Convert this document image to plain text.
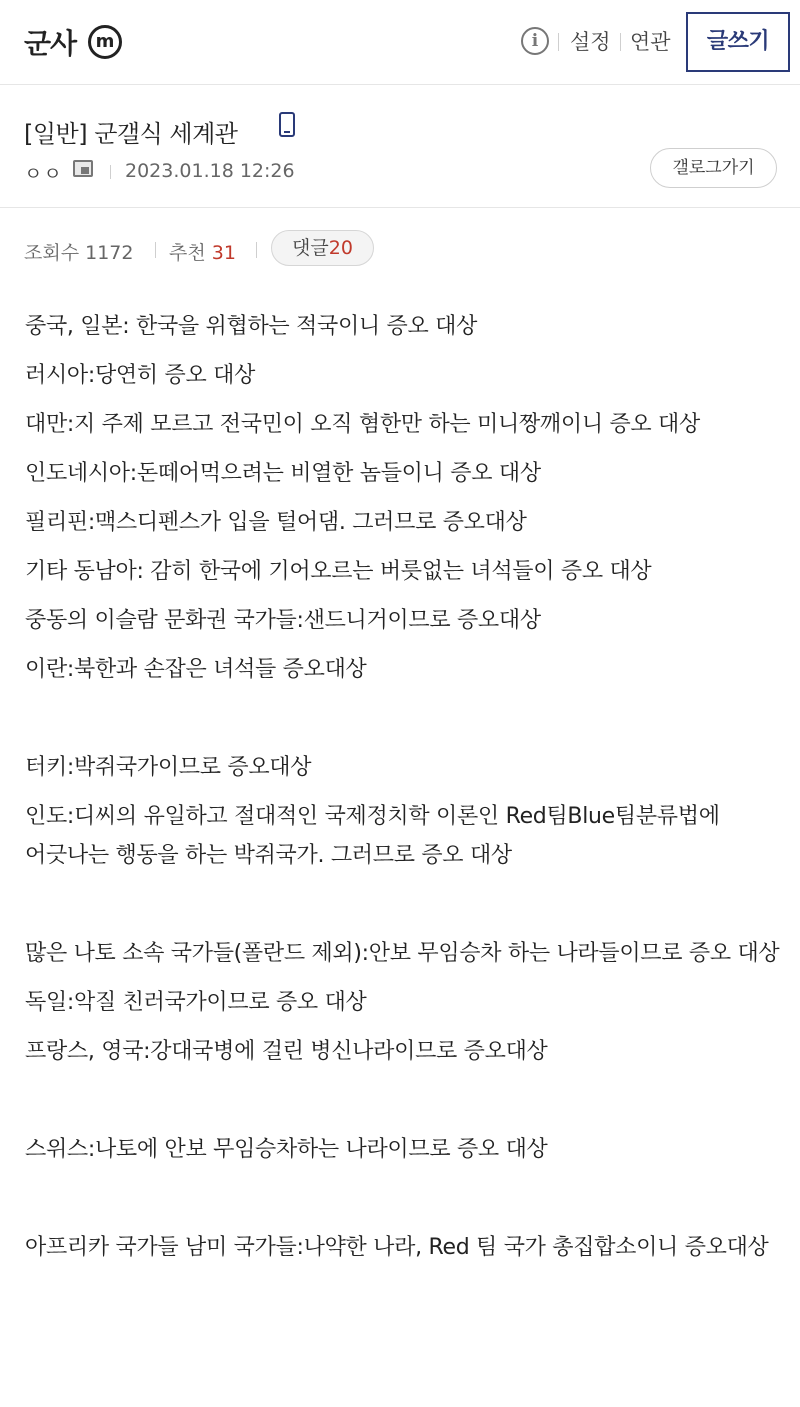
군사	m	i	설정 연관	글쓰기
[일반] 군갤식 세계관
ㅇㅇ	2023.01.18 12:26	갤로그가기
조회수 1172 추천 31	댓글20

중국, 일본: 한국을 위협하는 적국이니 증오 대상

러시아:당연히 증오 대상

대만:지 주제 모르고 전국민이 오직 혐한만 하는 미니짱깨이니 증오 대상

인도네시아:돈떼어먹으려는 비열한 놈들이니 증오 대상

필리핀:맥스디펜스가 입을 털어댐. 그러므로 증오대상

기타 동남아: 감히 한국에 기어오르는 버릇없는 녀석들이 증오 대상

중동의 이슬람 문화권 국가들:샌드니거이므로 증오대상

이란:북한과 손잡은 녀석들 증오대상

터키:박쥐국가이므로 증오대상

인도:디씨의 유일하고 절대적인 국제정치학 이론인 Red팀Blue팀분류법에 어긋나는 행동을 하는 박쥐국가. 그러므로 증오 대상

많은 나토 소속 국가들(폴란드 제외):안보 무임승차 하는 나라들이므로 증오 대상

독일:악질 친러국가이므로 증오 대상

프랑스, 영국:강대국병에 걸린 병신나라이므로 증오대상

스위스:나토에 안보 무임승차하는 나라이므로 증오 대상

아프리카 국가들 남미 국가들:나약한 나라, Red 팀 국가 총집합소이니 증오대상
